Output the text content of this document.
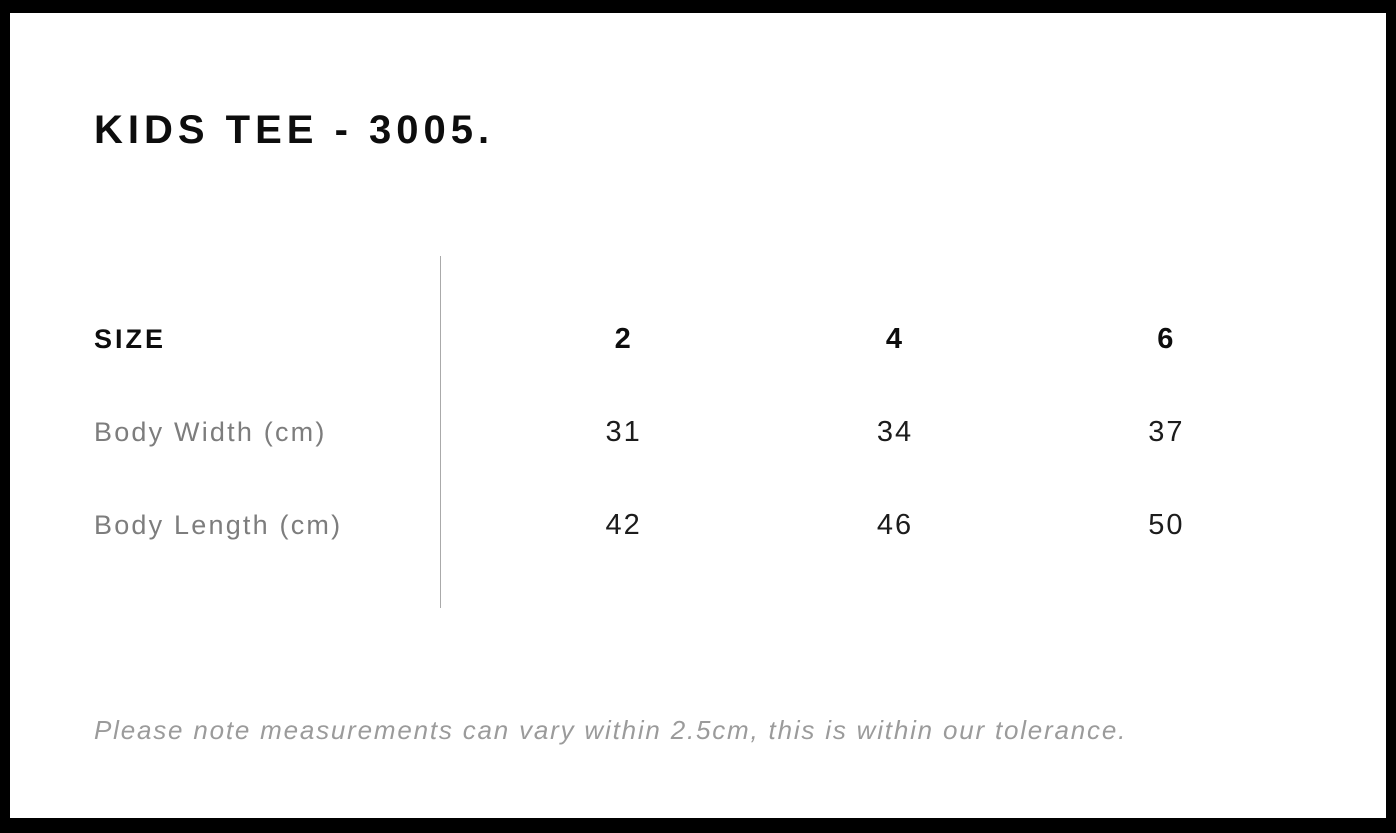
KIDS TEE - 3005.
SIZE	2	4	6
Body Width (cm)	31	34	37
Body Length (cm)	42	46	50

Please note measurements can vary within 2.5cm, this is within our tolerance.
